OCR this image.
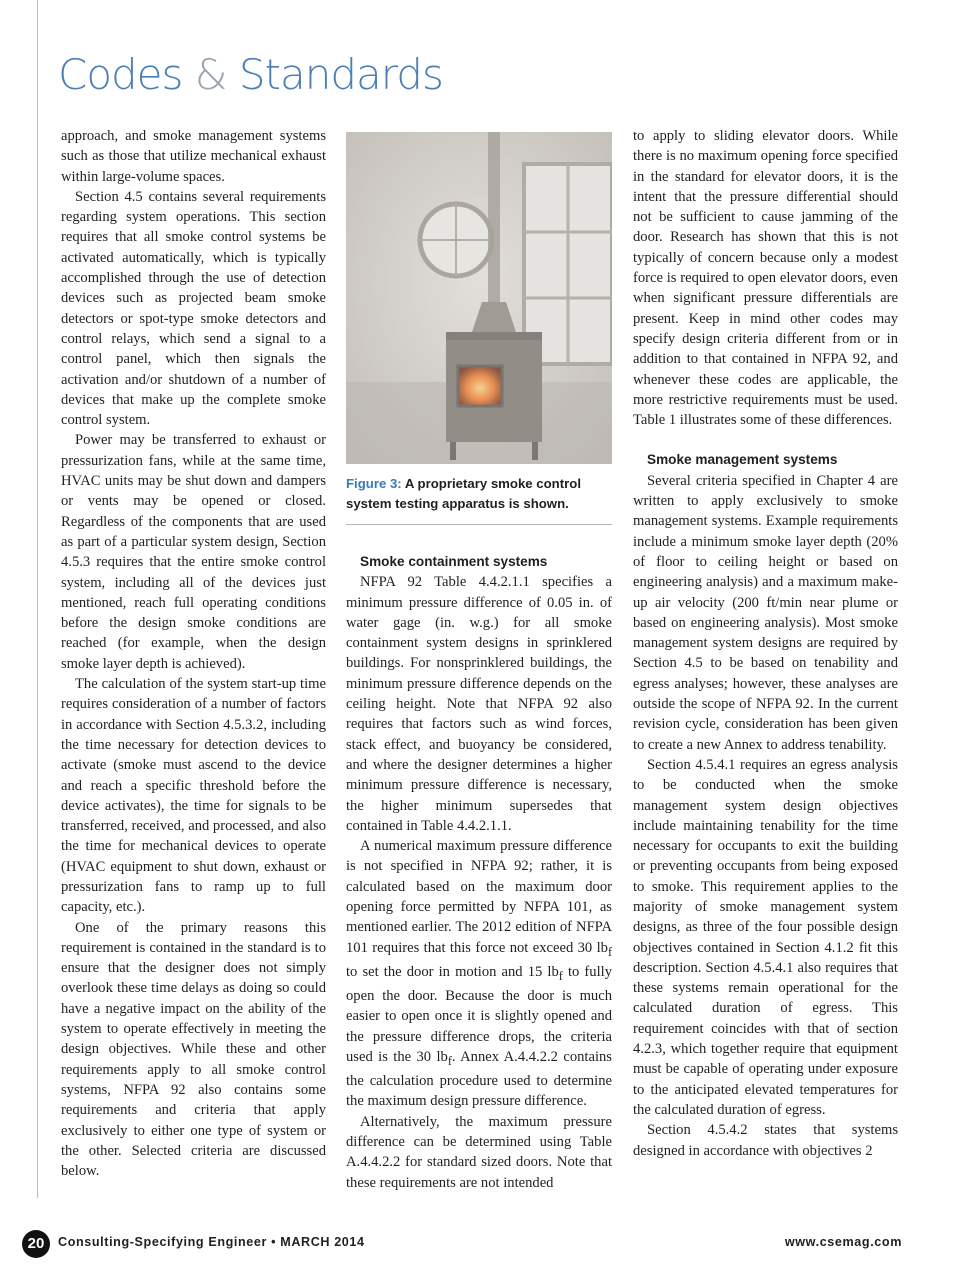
Codes & Standards

approach, and smoke management systems such as those that utilize mechanical exhaust within large-volume spaces.

Section 4.5 contains several requirements regarding system operations. This section requires that all smoke control systems be activated automatically, which is typically accomplished through the use of detection devices such as projected beam smoke detectors or spot-type smoke detectors and control relays, which send a signal to a control panel, which then signals the activation and/or shutdown of a number of devices that make up the complete smoke control system.

Power may be transferred to exhaust or pressurization fans, while at the same time, HVAC units may be shut down and dampers or vents may be opened or closed. Regardless of the components that are used as part of a particular system design, Section 4.5.3 requires that the entire smoke control system, including all of the devices just mentioned, reach full operating conditions before the design smoke conditions are reached (for example, when the design smoke layer depth is achieved).

The calculation of the system start-up time requires consideration of a number of factors in accordance with Section 4.5.3.2, including the time necessary for detection devices to activate (smoke must ascend to the device and reach a specific threshold before the device activates), the time for signals to be transferred, received, and processed, and also the time for mechanical devices to operate (HVAC equipment to shut down, exhaust or pressurization fans to ramp up to full capacity, etc.).

One of the primary reasons this requirement is contained in the standard is to ensure that the designer does not simply overlook these time delays as doing so could have a negative impact on the ability of the system to operate effectively in meeting the design objectives. While these and other requirements apply to all smoke control systems, NFPA 92 also contains some requirements and criteria that apply exclusively to either one type of system or the other. Selected criteria are discussed below.

Figure 3: A proprietary smoke control system testing apparatus is shown.

Smoke containment systems

NFPA 92 Table 4.4.2.1.1 specifies a minimum pressure difference of 0.05 in. of water gage (in. w.g.) for all smoke containment system designs in sprinklered buildings. For nonsprinklered buildings, the minimum pressure difference depends on the ceiling height. Note that NFPA 92 also requires that factors such as wind forces, stack effect, and buoyancy be considered, and where the designer determines a higher minimum pressure difference is necessary, the higher minimum supersedes that contained in Table 4.4.2.1.1.

A numerical maximum pressure difference is not specified in NFPA 92; rather, it is calculated based on the maximum door opening force permitted by NFPA 101, as mentioned earlier. The 2012 edition of NFPA 101 requires that this force not exceed 30 $lb_f$ to set the door in motion and 15 $lb_f$ to fully open the door. Because the door is much easier to open once it is slightly opened and the pressure difference drops, the criteria used is the 30 $lb_f$. Annex A.4.4.2.2 contains the calculation procedure used to determine the maximum design pressure difference.

Alternatively, the maximum pressure difference can be determined using Table A.4.4.2.2 for standard sized doors. Note that these requirements are not intended

to apply to sliding elevator doors. While there is no maximum opening force specified in the standard for elevator doors, it is the intent that the pressure differential should not be sufficient to cause jamming of the door. Research has shown that this is not typically of concern because only a modest force is required to open elevator doors, even when significant pressure differentials are present. Keep in mind other codes may specify design criteria different from or in addition to that contained in NFPA 92, and whenever these codes are applicable, the more restrictive requirements must be used. Table 1 illustrates some of these differences.

Smoke management systems

Several criteria specified in Chapter 4 are written to apply exclusively to smoke management systems. Example requirements include a minimum smoke layer depth (20% of floor to ceiling height or based on engineering analysis) and a maximum make-up air velocity (200 ft/min near plume or based on engineering analysis). Most smoke management system designs are required by Section 4.5 to be based on tenability and egress analyses; however, these analyses are outside the scope of NFPA 92. In the current revision cycle, consideration has been given to create a new Annex to address tenability.

Section 4.5.4.1 requires an egress analysis to be conducted when the smoke management system design objectives include maintaining tenability for the time necessary for occupants to exit the building or preventing occupants from being exposed to smoke. This requirement applies to the majority of smoke management system designs, as three of the four possible design objectives contained in Section 4.1.2 fit this description. Section 4.5.4.1 also requires that these systems remain operational for the calculated duration of egress. This requirement coincides with that of section 4.2.3, which together require that equipment must be capable of operating under exposure to the anticipated elevated temperatures for the calculated duration of egress.

Section 4.5.4.2 states that systems designed in accordance with objectives 2

20	Consulting-Specifying Engineer • MARCH 2014	www.csemag.com
